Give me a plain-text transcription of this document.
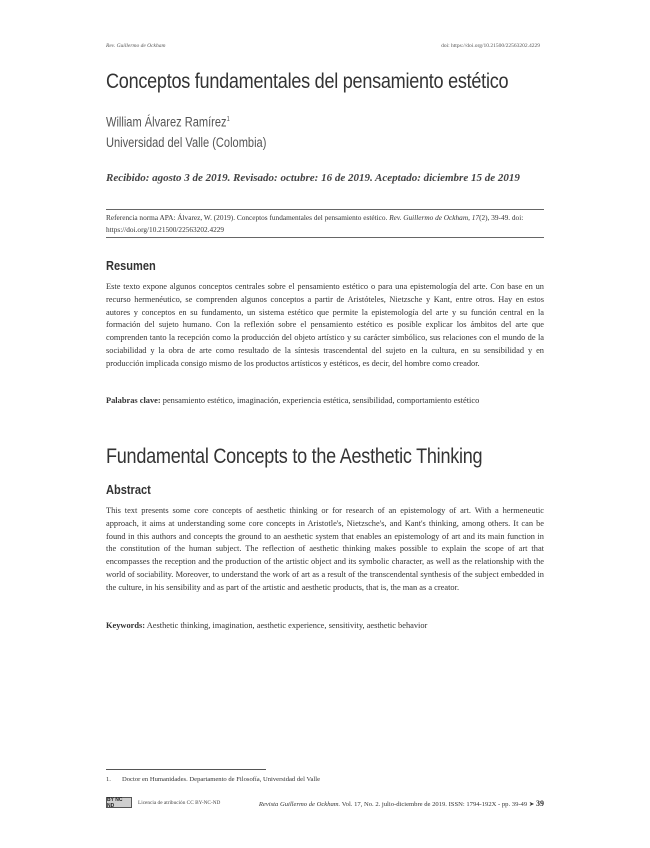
Rev. Guillermo de Ockham	doi: https://doi.org/10.21500/22563202.4229
Conceptos fundamentales del pensamiento estético
William Álvarez Ramírez$^1$
Universidad del Valle (Colombia)
Recibido: agosto 3 de 2019. Revisado: octubre: 16 de 2019. Aceptado: diciembre 15 de 2019
Referencia norma APA: Álvarez, W. (2019). Conceptos fundamentales del pensamiento estético. Rev. Guillermo de Ockham, 17(2), 39-49. doi:
https://doi.org/10.21500/22563202.4229
Resumen
Este texto expone algunos conceptos centrales sobre el pensamiento estético o para una epistemología del arte. Con base en un recurso hermenéutico, se comprenden algunos conceptos a partir de Aristóteles, Nietzsche y Kant, entre otros. Hay en estos autores y conceptos en su fundamento, un sistema estético que permite la epistemología del arte y su función central en la formación del sujeto humano. Con la reflexión sobre el pensamiento estético es posible explicar los ámbitos del arte que comprenden tanto la recepción como la producción del objeto artístico y su carácter simbólico, sus relaciones con el mundo de la sociabilidad y la obra de arte como resultado de la síntesis trascendental del sujeto en la cultura, en su sensibilidad y en producción implicada consigo mismo de los productos artísticos y estéticos, es decir, del hombre como creador.
Palabras clave: pensamiento estético, imaginación, experiencia estética, sensibilidad, comportamiento estético
Fundamental Concepts to the Aesthetic Thinking
Abstract
This text presents some core concepts of aesthetic thinking or for research of an epistemology of art. With a hermeneutic approach, it aims at understanding some core concepts in Aristotle's, Nietzsche's, and Kant's thinking, among others. It can be found in this authors and concepts the ground to an aesthetic system that enables an epistemology of art and its main function in the constitution of the human subject. The reflection of aesthetic thinking makes possible to explain the scope of art that encompasses the reception and the production of the artistic object and its symbolic character, as well as the relationship with the world of sociability. Moreover, to understand the work of art as a result of the transcendental synthesis of the subject embedded in the culture, in his sensibility and as part of the artistic and aesthetic products, that is, the man as a creator.
Keywords: Aesthetic thinking, imagination, aesthetic experience, sensitivity, aesthetic behavior
1. Doctor en Humanidades. Departamento de Filosofía, Universidad del Valle
BY NC ND	Licencia de atribución CC BY-NC-ND	Revista Guillermo de Ockham. Vol. 17, No. 2. julio-diciembre de 2019. ISSN: 1794-192X - pp. 39-49 ➤ 39
